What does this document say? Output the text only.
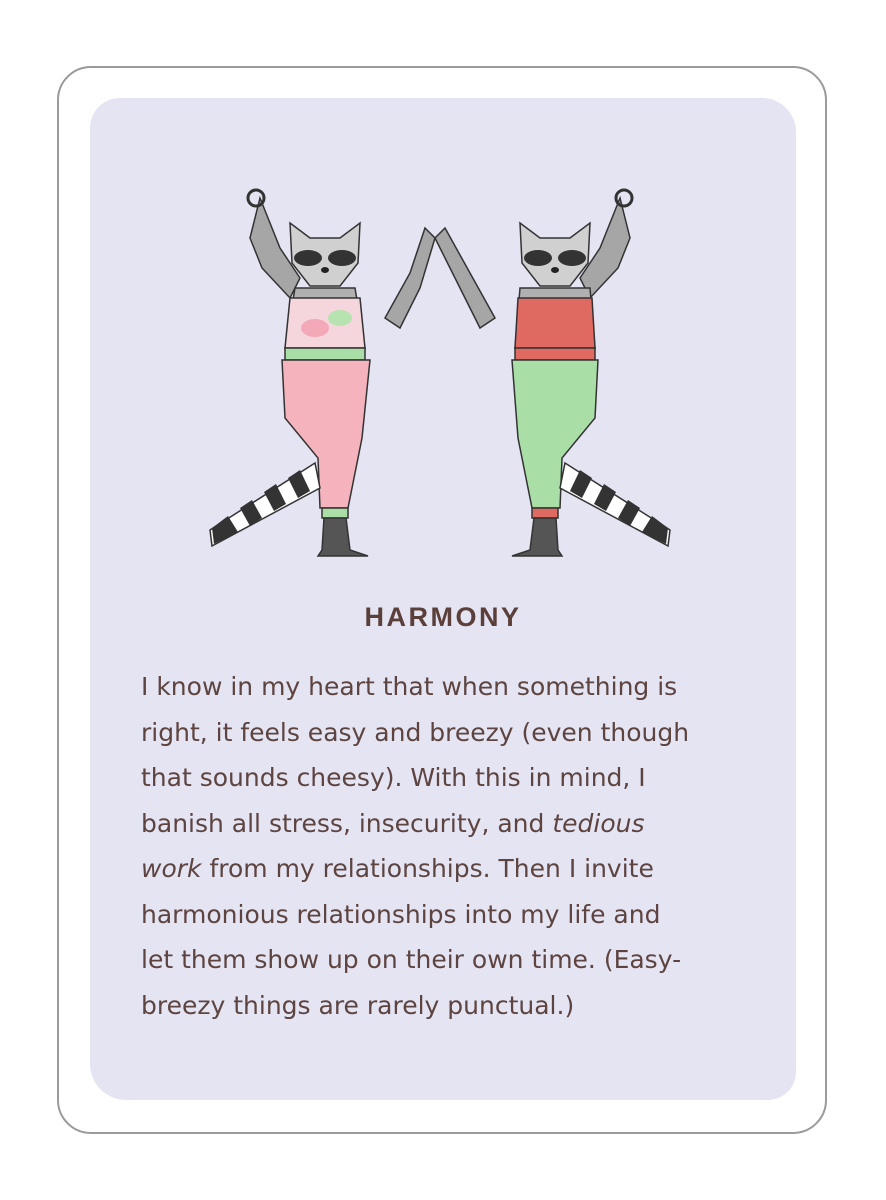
HARMONY

I know in my heart that when something is
right, it feels easy and breezy (even though
that sounds cheesy). With this in mind, I
banish all stress, insecurity, and tedious
work from my relationships. Then I invite
harmonious relationships into my life and
let them show up on their own time. (Easy-
breezy things are rarely punctual.)
